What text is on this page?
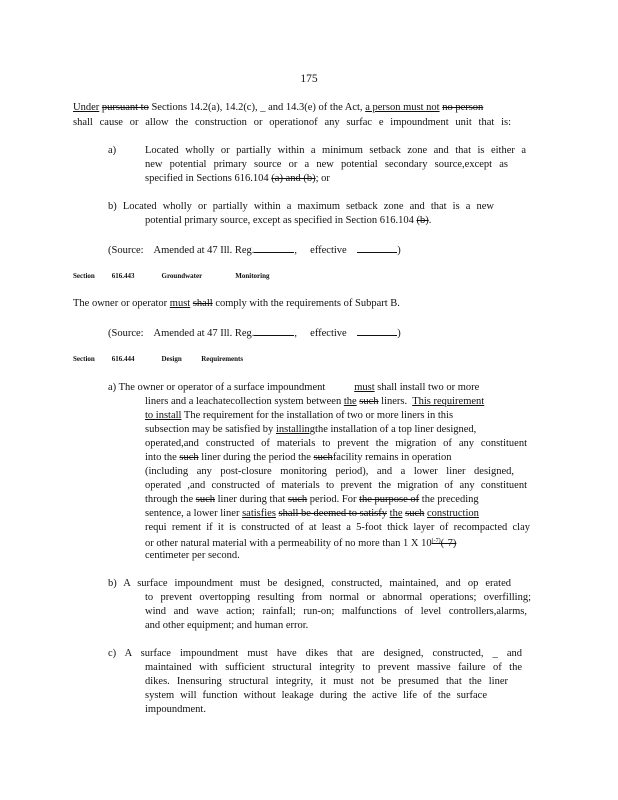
175
Under pursuant to Sections 14.2(a), 14.2(c), _ and 14.3(e) of the Act, a person must not no person
shall cause or allow the construction or operationof any surfac e impoundment unit that is:
a)	Located wholly or partially within a minimum setback zone and that is either a
new potential primary source or a new potential secondary source,except as
specified in Sections 616.104 (a) and (b); or
b) Located wholly or partially within a maximum setback zone and that is a new
potential primary source, except as specified in Section 616.104 (b).
(Source: Amended at 47 Ill. Reg.	, effective	)
Section 616.443	Groundwater	Monitoring
The owner or operator must shall comply with the requirements of Subpart B.
(Source: Amended at 47 Ill. Reg.	, effective	)
Section 616.444	Design	Requirements
a) The owner or operator of a surface impoundment	must shall install two or more
liners and a leachatecollection system between the such liners. This requirement
to install The requirement for the installation of two or more liners in this
subsection may be satisfied by installingthe installation of a top liner designed,
operated,and constructed of materials to prevent the migration of any constituent
into the such liner during the period the suchfacility remains in operation
(including any post-closure monitoring period), and a lower liner designed,
operated ,and constructed of materials to prevent the migration of any constituent
through the such liner during that such period. For the purpose of the preceding
sentence, a lower liner satisfies shall be deemed to satisfy the such construction
requi rement if it is constructed of at least a 5-foot thick layer of recompacted clay
or other natural material with a permeability of no more than 1 X $10^{(-7)}(-7)$
centimeter per second.
b) A surface impoundment must be designed, constructed, maintained, and op erated
to prevent overtopping resulting from normal or abnormal operations; overfilling;
wind and wave action; rainfall; run-on; malfunctions of level controllers,alarms,
and other equipment; and human error.
c) A surface impoundment must have dikes that are designed, constructed, _ and
maintained with sufficient structural integrity to prevent massive failure of the
dikes. Inensuring structural integrity, it must not be presumed that the liner
system will function without leakage during the active life of the surface
impoundment.
